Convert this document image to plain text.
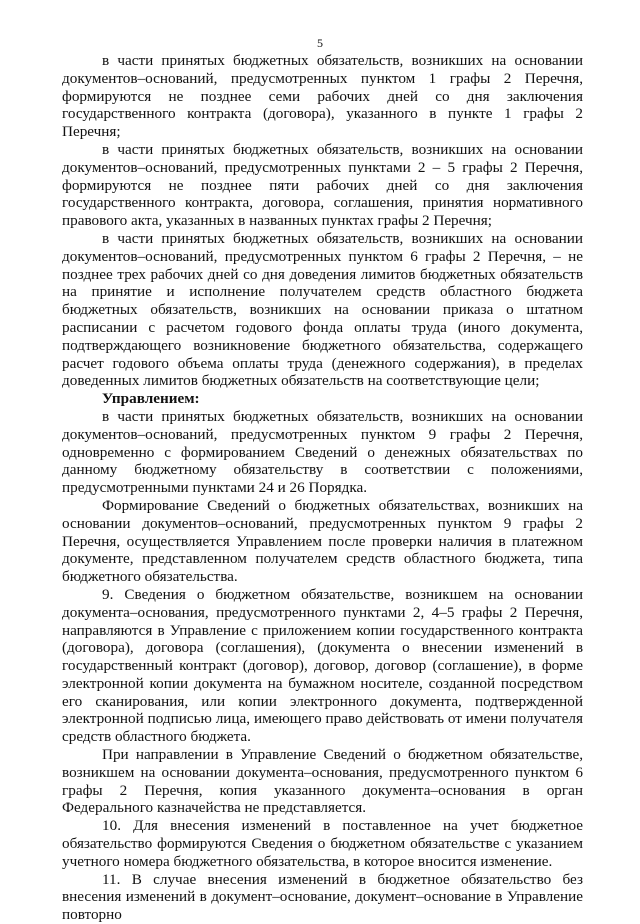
5

в части принятых бюджетных обязательств, возникших на основании документов–оснований, предусмотренных пунктом 1 графы 2 Перечня, формируются не позднее семи рабочих дней со дня заключения государственного контракта (договора), указанного в пункте 1 графы 2 Перечня;

в части принятых бюджетных обязательств, возникших на основании документов–оснований, предусмотренных пунктами 2 – 5 графы 2 Перечня, формируются не позднее пяти рабочих дней со дня заключения государственного контракта, договора, соглашения, принятия нормативного правового акта, указанных в названных пунктах графы 2 Перечня;

в части принятых бюджетных обязательств, возникших на основании документов–оснований, предусмотренных пунктом 6 графы 2 Перечня, – не позднее трех рабочих дней со дня доведения лимитов бюджетных обязательств на принятие и исполнение получателем средств областного бюджета бюджетных обязательств, возникших на основании приказа о штатном расписании с расчетом годового фонда оплаты труда (иного документа, подтверждающего возникновение бюджетного обязательства, содержащего расчет годового объема оплаты труда (денежного содержания), в пределах доведенных лимитов бюджетных обязательств на соответствующие цели;

Управлением:

в части принятых бюджетных обязательств, возникших на основании документов–оснований, предусмотренных пунктом 9 графы 2 Перечня, одновременно с формированием Сведений о денежных обязательствах по данному бюджетному обязательству в соответствии с положениями, предусмотренными пунктами 24 и 26 Порядка.

Формирование Сведений о бюджетных обязательствах, возникших на основании документов–оснований, предусмотренных пунктом 9 графы 2 Перечня, осуществляется Управлением после проверки наличия в платежном документе, представленном получателем средств областного бюджета, типа бюджетного обязательства.

9. Сведения о бюджетном обязательстве, возникшем на основании документа–основания, предусмотренного пунктами 2, 4–5 графы 2 Перечня, направляются в Управление с приложением копии государственного контракта (договора), договора (соглашения), (документа о внесении изменений в государственный контракт (договор), договор, договор (соглашение), в форме электронной копии документа на бумажном носителе, созданной посредством его сканирования, или копии электронного документа, подтвержденной электронной подписью лица, имеющего право действовать от имени получателя средств областного бюджета.

При направлении в Управление Сведений о бюджетном обязательстве, возникшем на основании документа–основания, предусмотренного пунктом 6 графы 2 Перечня, копия указанного документа–основания в орган Федерального казначейства не представляется.

10. Для внесения изменений в поставленное на учет бюджетное обязательство формируются Сведения о бюджетном обязательстве с указанием учетного номера бюджетного обязательства, в которое вносится изменение.

11. В случае внесения изменений в бюджетное обязательство без внесения изменений в документ–основание, документ–основание в Управление повторно
